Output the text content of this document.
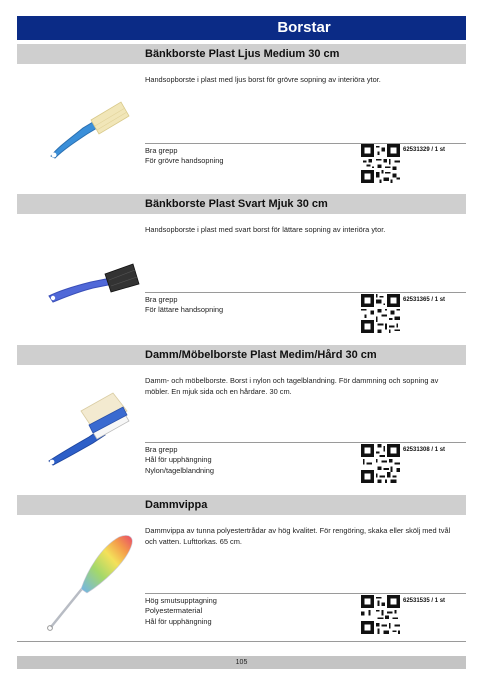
Borstar
Bänkborste Plast Ljus Medium 30 cm
Handsopborste i plast med ljus borst för grövre sopning av interiöra ytor.
Bra grepp
För grövre handsopning
62531329 / 1 st
Bänkborste Plast Svart Mjuk 30 cm
Handsopborste i plast med svart borst för lättare sopning av interiöra ytor.
Bra grepp
För lättare handsopning
62531365 / 1 st
Damm/Möbelborste Plast Medim/Hård 30 cm
Damm- och möbelborste. Borst i nylon och tagelblandning. För dammning och sopning av möbler. En mjuk sida och en hårdare. 30 cm.
Bra grepp
Hål för upphängning
Nylon/tagelblandning
62531308 / 1 st
Dammvippa
Dammvippa av tunna polyestertrådar av hög kvalitet. För rengöring, skaka eller skölj med tvål och vatten. Lufttorkas. 65 cm.
Hög smutsupptagning
Polyestermaterial
Hål för upphängning
62531535 / 1 st
105
